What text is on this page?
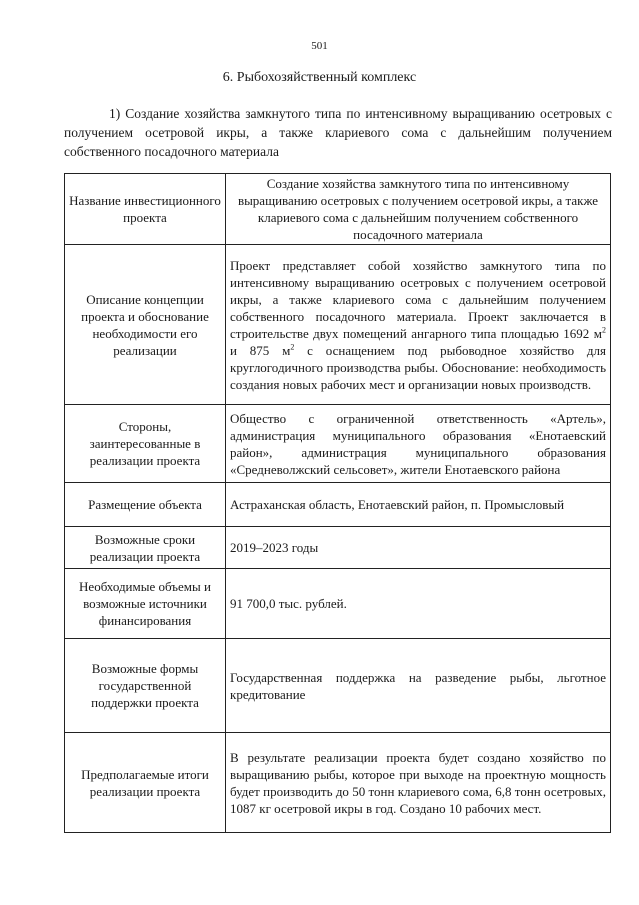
501
6. Рыбохозяйственный комплекс
1) Создание хозяйства замкнутого типа по интенсивному выращиванию осетровых с получением осетровой икры, а также клариевого сома с дальнейшим получением собственного посадочного материала
Название инвестиционного проекта	Создание хозяйства замкнутого типа по интенсивному выращиванию осетровых с получением осетровой икры, а также клариевого сома с дальнейшим получением собственного посадочного материала
Описание концепции проекта и обоснование необходимости его реализации	Проект представляет собой хозяйство замкнутого типа по интенсивному выращиванию осетровых с получением осетровой икры, а также клариевого сома с дальнейшим получением собственного посадочного материала. Проект заключается в строительстве двух помещений ангарного типа площадью 1692 $м^2$ и 875 $м^2$ с оснащением под рыбоводное хозяйство для круглогодичного производства рыбы. Обоснование: необходимость создания новых рабочих мест и организации новых производств.
Стороны, заинтересованные в реализации проекта	Общество с ограниченной ответственность «Артель», администрация муниципального образования «Енотаевский район», администрация муниципального образования «Средневолжский сельсовет», жители Енотаевского района
Размещение объекта	Астраханская область, Енотаевский район, п. Промысловый
Возможные сроки реализации проекта	2019–2023 годы
Необходимые объемы и возможные источники финансирования	91 700,0 тыс. рублей.
Возможные формы государственной поддержки проекта	Государственная поддержка на разведение рыбы, льготное кредитование
Предполагаемые итоги реализации проекта	В результате реализации проекта будет создано хозяйство по выращиванию рыбы, которое при выходе на проектную мощность будет производить до 50 тонн клариевого сома, 6,8 тонн осетровых, 1087 кг осетровой икры в год. Создано 10 рабочих мест.
